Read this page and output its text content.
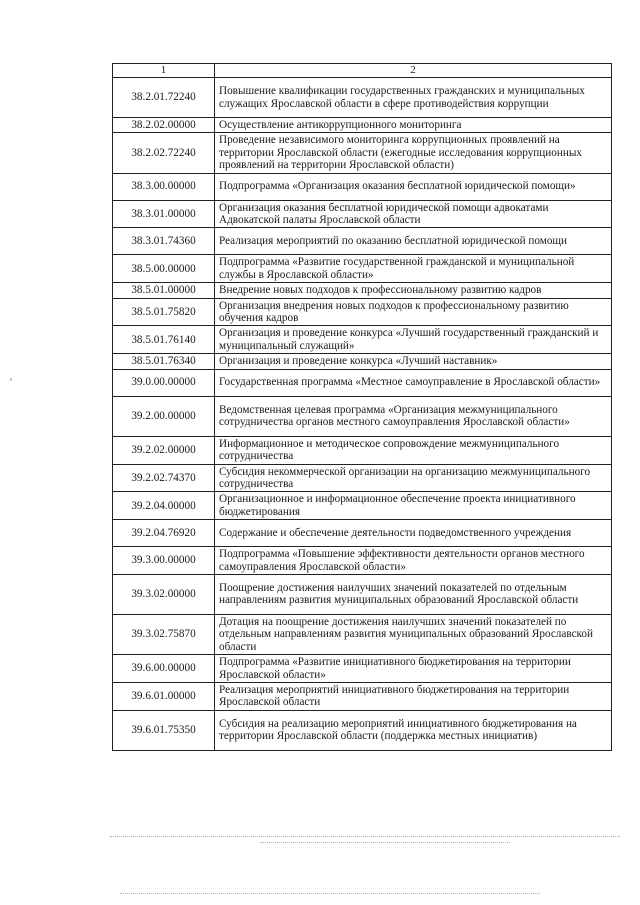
1	2
38.2.01.72240	Повышение квалификации государственных гражданских и муниципальных служащих Ярославской области в сфере противодействия коррупции
38.2.02.00000	Осуществление антикоррупционного мониторинга
38.2.02.72240	Проведение независимого мониторинга коррупционных проявлений на территории Ярославской области (ежегодные исследования коррупционных проявлений на территории Ярославской области)
38.3.00.00000	Подпрограмма «Организация оказания бесплатной юридической помощи»
38.3.01.00000	Организация оказания бесплатной юридической помощи адвокатами Адвокатской палаты Ярославской области
38.3.01.74360	Реализация мероприятий по оказанию бесплатной юридической помощи
38.5.00.00000	Подпрограмма «Развитие государственной гражданской и муниципальной службы в Ярославской области»
38.5.01.00000	Внедрение новых подходов к профессиональному развитию кадров
38.5.01.75820	Организация внедрения новых подходов к профессиональному развитию обучения кадров
38.5.01.76140	Организация и проведение конкурса «Лучший государственный гражданский и муниципальный служащий»
38.5.01.76340	Организация и проведение конкурса «Лучший наставник»
39.0.00.00000	Государственная программа «Местное самоуправление в Ярославской области»
39.2.00.00000	Ведомственная целевая программа «Организация межмуниципального сотрудничества органов местного самоуправления Ярославской области»
39.2.02.00000	Информационное и методическое сопровождение межмуниципального сотрудничества
39.2.02.74370	Субсидия некоммерческой организации на организацию межмуниципального сотрудничества
39.2.04.00000	Организационное и информационное обеспечение проекта инициативного бюджетирования
39.2.04.76920	Содержание и обеспечение деятельности подведомственного учреждения
39.3.00.00000	Подпрограмма «Повышение эффективности деятельности органов местного самоуправления Ярославской области»
39.3.02.00000	Поощрение достижения наилучших значений показателей по отдельным направлениям развития муниципальных образований Ярославской области
39.3.02.75870	Дотация на поощрение достижения наилучших значений показателей по отдельным направлениям развития муниципальных образований Ярославской области
39.6.00.00000	Подпрограмма «Развитие инициативного бюджетирования на территории Ярославской области»
39.6.01.00000	Реализация мероприятий инициативного бюджетирования на территории Ярославской области
39.6.01.75350	Субсидия на реализацию мероприятий инициативного бюджетирования на территории Ярославской области (поддержка местных инициатив)
